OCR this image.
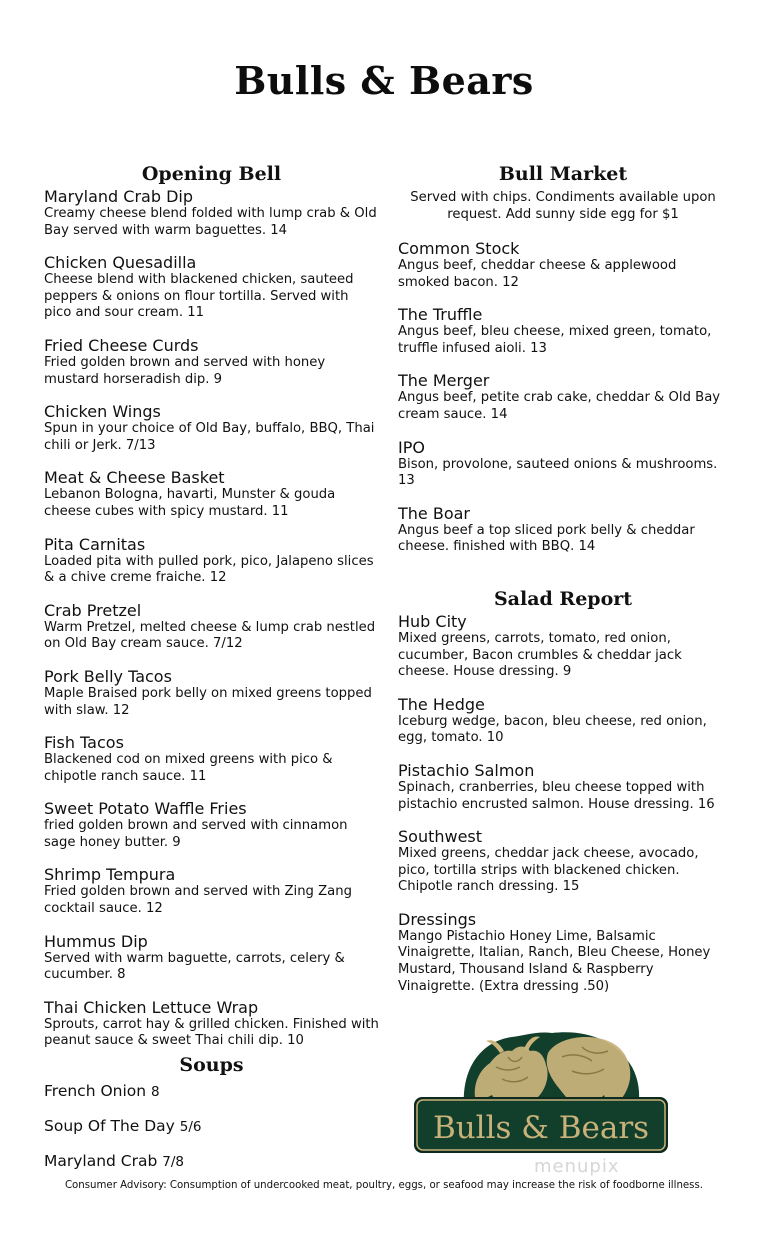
Bulls & Bears
Opening Bell
Maryland Crab Dip
Creamy cheese blend folded with lump crab & Old Bay served with warm baguettes. 14
Chicken Quesadilla
Cheese blend with blackened chicken, sauteed peppers & onions on flour tortilla. Served with pico and sour cream. 11
Fried Cheese Curds
Fried golden brown and served with honey mustard horseradish dip. 9
Chicken Wings
Spun in your choice of Old Bay, buffalo, BBQ, Thai chili or Jerk. 7/13
Meat & Cheese Basket
Lebanon Bologna, havarti, Munster & gouda cheese cubes with spicy mustard. 11
Pita Carnitas
Loaded pita with pulled pork, pico, Jalapeno slices & a chive creme fraiche. 12
Crab Pretzel
Warm Pretzel, melted cheese & lump crab nestled on Old Bay cream sauce. 7/12
Pork Belly Tacos
Maple Braised pork belly on mixed greens topped with slaw. 12
Fish Tacos
Blackened cod on mixed greens with pico & chipotle ranch sauce. 11
Sweet Potato Waffle Fries
fried golden brown and served with cinnamon sage honey butter. 9
Shrimp Tempura
Fried golden brown and served with Zing Zang cocktail sauce. 12
Hummus Dip
Served with warm baguette, carrots, celery & cucumber. 8
Thai Chicken Lettuce Wrap
Sprouts, carrot hay & grilled chicken. Finished with peanut sauce & sweet Thai chili dip. 10
Soups
French Onion 8
Soup Of The Day 5/6
Maryland Crab 7/8
Bull Market
Served with chips. Condiments available upon request. Add sunny side egg for $1
Common Stock
Angus beef, cheddar cheese & applewood smoked bacon. 12
The Truffle
Angus beef, bleu cheese, mixed green, tomato, truffle infused aioli. 13
The Merger
Angus beef, petite crab cake, cheddar & Old Bay cream sauce. 14
IPO
Bison, provolone, sauteed onions & mushrooms. 13
The Boar
Angus beef a top sliced pork belly & cheddar cheese. finished with BBQ. 14
Salad Report
Hub City
Mixed greens, carrots, tomato, red onion, cucumber, Bacon crumbles & cheddar jack cheese. House dressing. 9
The Hedge
Iceburg wedge, bacon, bleu cheese, red onion, egg, tomato. 10
Pistachio Salmon
Spinach, cranberries, bleu cheese topped with pistachio encrusted salmon. House dressing. 16
Southwest
Mixed greens, cheddar jack cheese, avocado, pico, tortilla strips with blackened chicken. Chipotle ranch dressing. 15
Dressings
Mango Pistachio Honey Lime, Balsamic Vinaigrette, Italian, Ranch, Bleu Cheese, Honey Mustard, Thousand Island & Raspberry Vinaigrette. (Extra dressing .50)
Bulls & Bears
menupix
Consumer Advisory: Consumption of undercooked meat, poultry, eggs, or seafood may increase the risk of foodborne illness.
